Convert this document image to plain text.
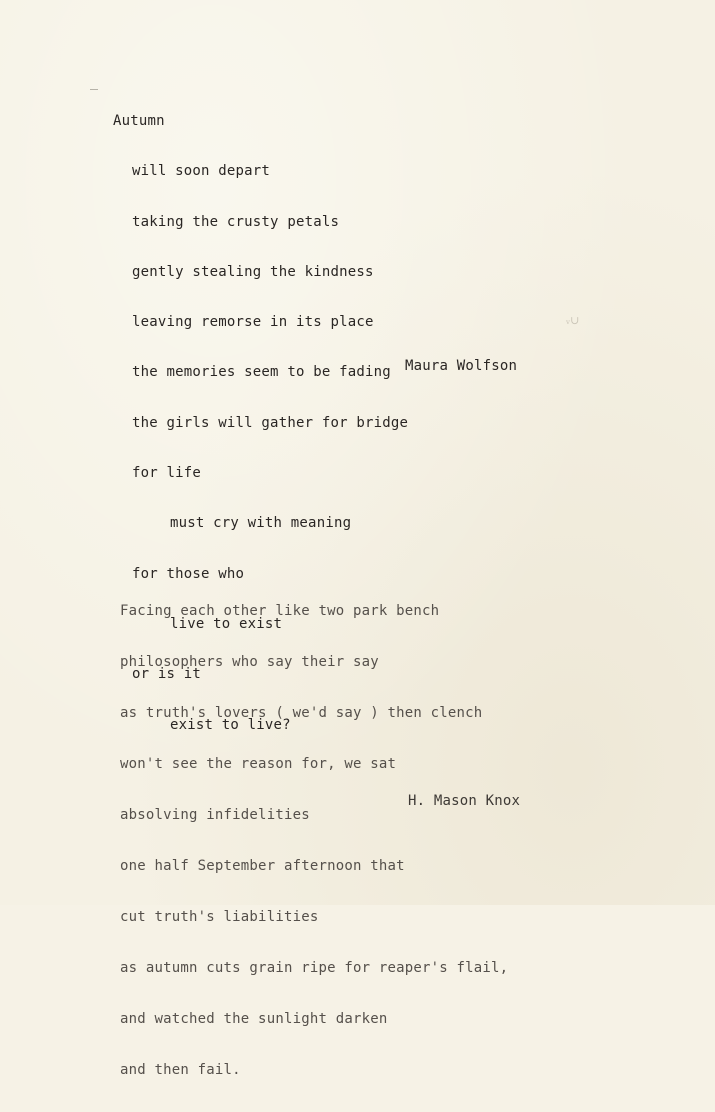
ᵥ∪

Autumn

will soon depart

taking the crusty petals

gently stealing the kindness

leaving remorse in its place

the memories seem to be fading

the girls will gather for bridge

for life

must cry with meaning

for those who

live to exist

or is it

exist to live?

Maura Wolfson

Facing each other like two park bench

philosophers who say their say

as truth's lovers ( we'd say ) then clench

won't see the reason for, we sat

absolving infidelities

one half September afternoon that

cut truth's liabilities

as autumn cuts grain ripe for reaper's flail,

and watched the sunlight darken

and then fail.

H. Mason Knox
